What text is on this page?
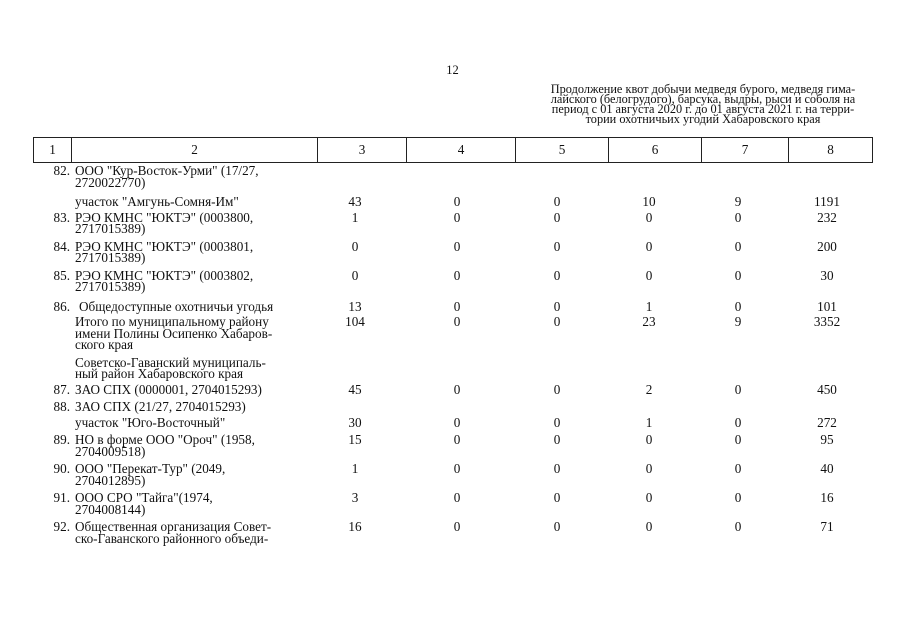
12
Продолжение квот добычи медведя бурого, медведя гима-
лайского (белогрудого), барсука, выдры, рыси и соболя на
период с 01 августа 2020 г. до 01 августа 2021 г. на терри-
тории охотничьих угодий Хабаровского края
1	2	3	4	5	6	7	8
82. ООО "Кур-Восток-Урми" (17/27,
2720022770)
участок "Амгунь-Сомня-Им"	43	0	0	10	9	1191
83. РЭО КМНС "ЮКТЭ" (0003800,
2717015389)
1	0	0	0	0	232
84. РЭО КМНС "ЮКТЭ" (0003801,
2717015389)
0	0	0	0	0	200
85. РЭО КМНС "ЮКТЭ" (0003802,
2717015389)
0	0	0	0	0	30
86. Общедоступные охотничьи угодья	13	0	0	1	0	101
Итого по муниципальному району
имени Полины Осипенко Хабаров-
ского края
104	0	0	23	9	3352
Советско-Гаванский муниципаль-
ный район Хабаровского края
87. ЗАО СПХ (0000001, 2704015293)	45	0	0	2	0	450
88. ЗАО СПХ (21/27, 2704015293)
участок "Юго-Восточный"	30	0	0	1	0	272
89. НО в форме ООО "Ороч" (1958,
2704009518)
15	0	0	0	0	95
90. ООО "Перекат-Тур" (2049,
2704012895)
1	0	0	0	0	40
91. ООО СРО "Тайга"(1974,
2704008144)
3	0	0	0	0	16
92. Общественная организация Совет-
ско-Гаванского районного объеди-
16	0	0	0	0	71
